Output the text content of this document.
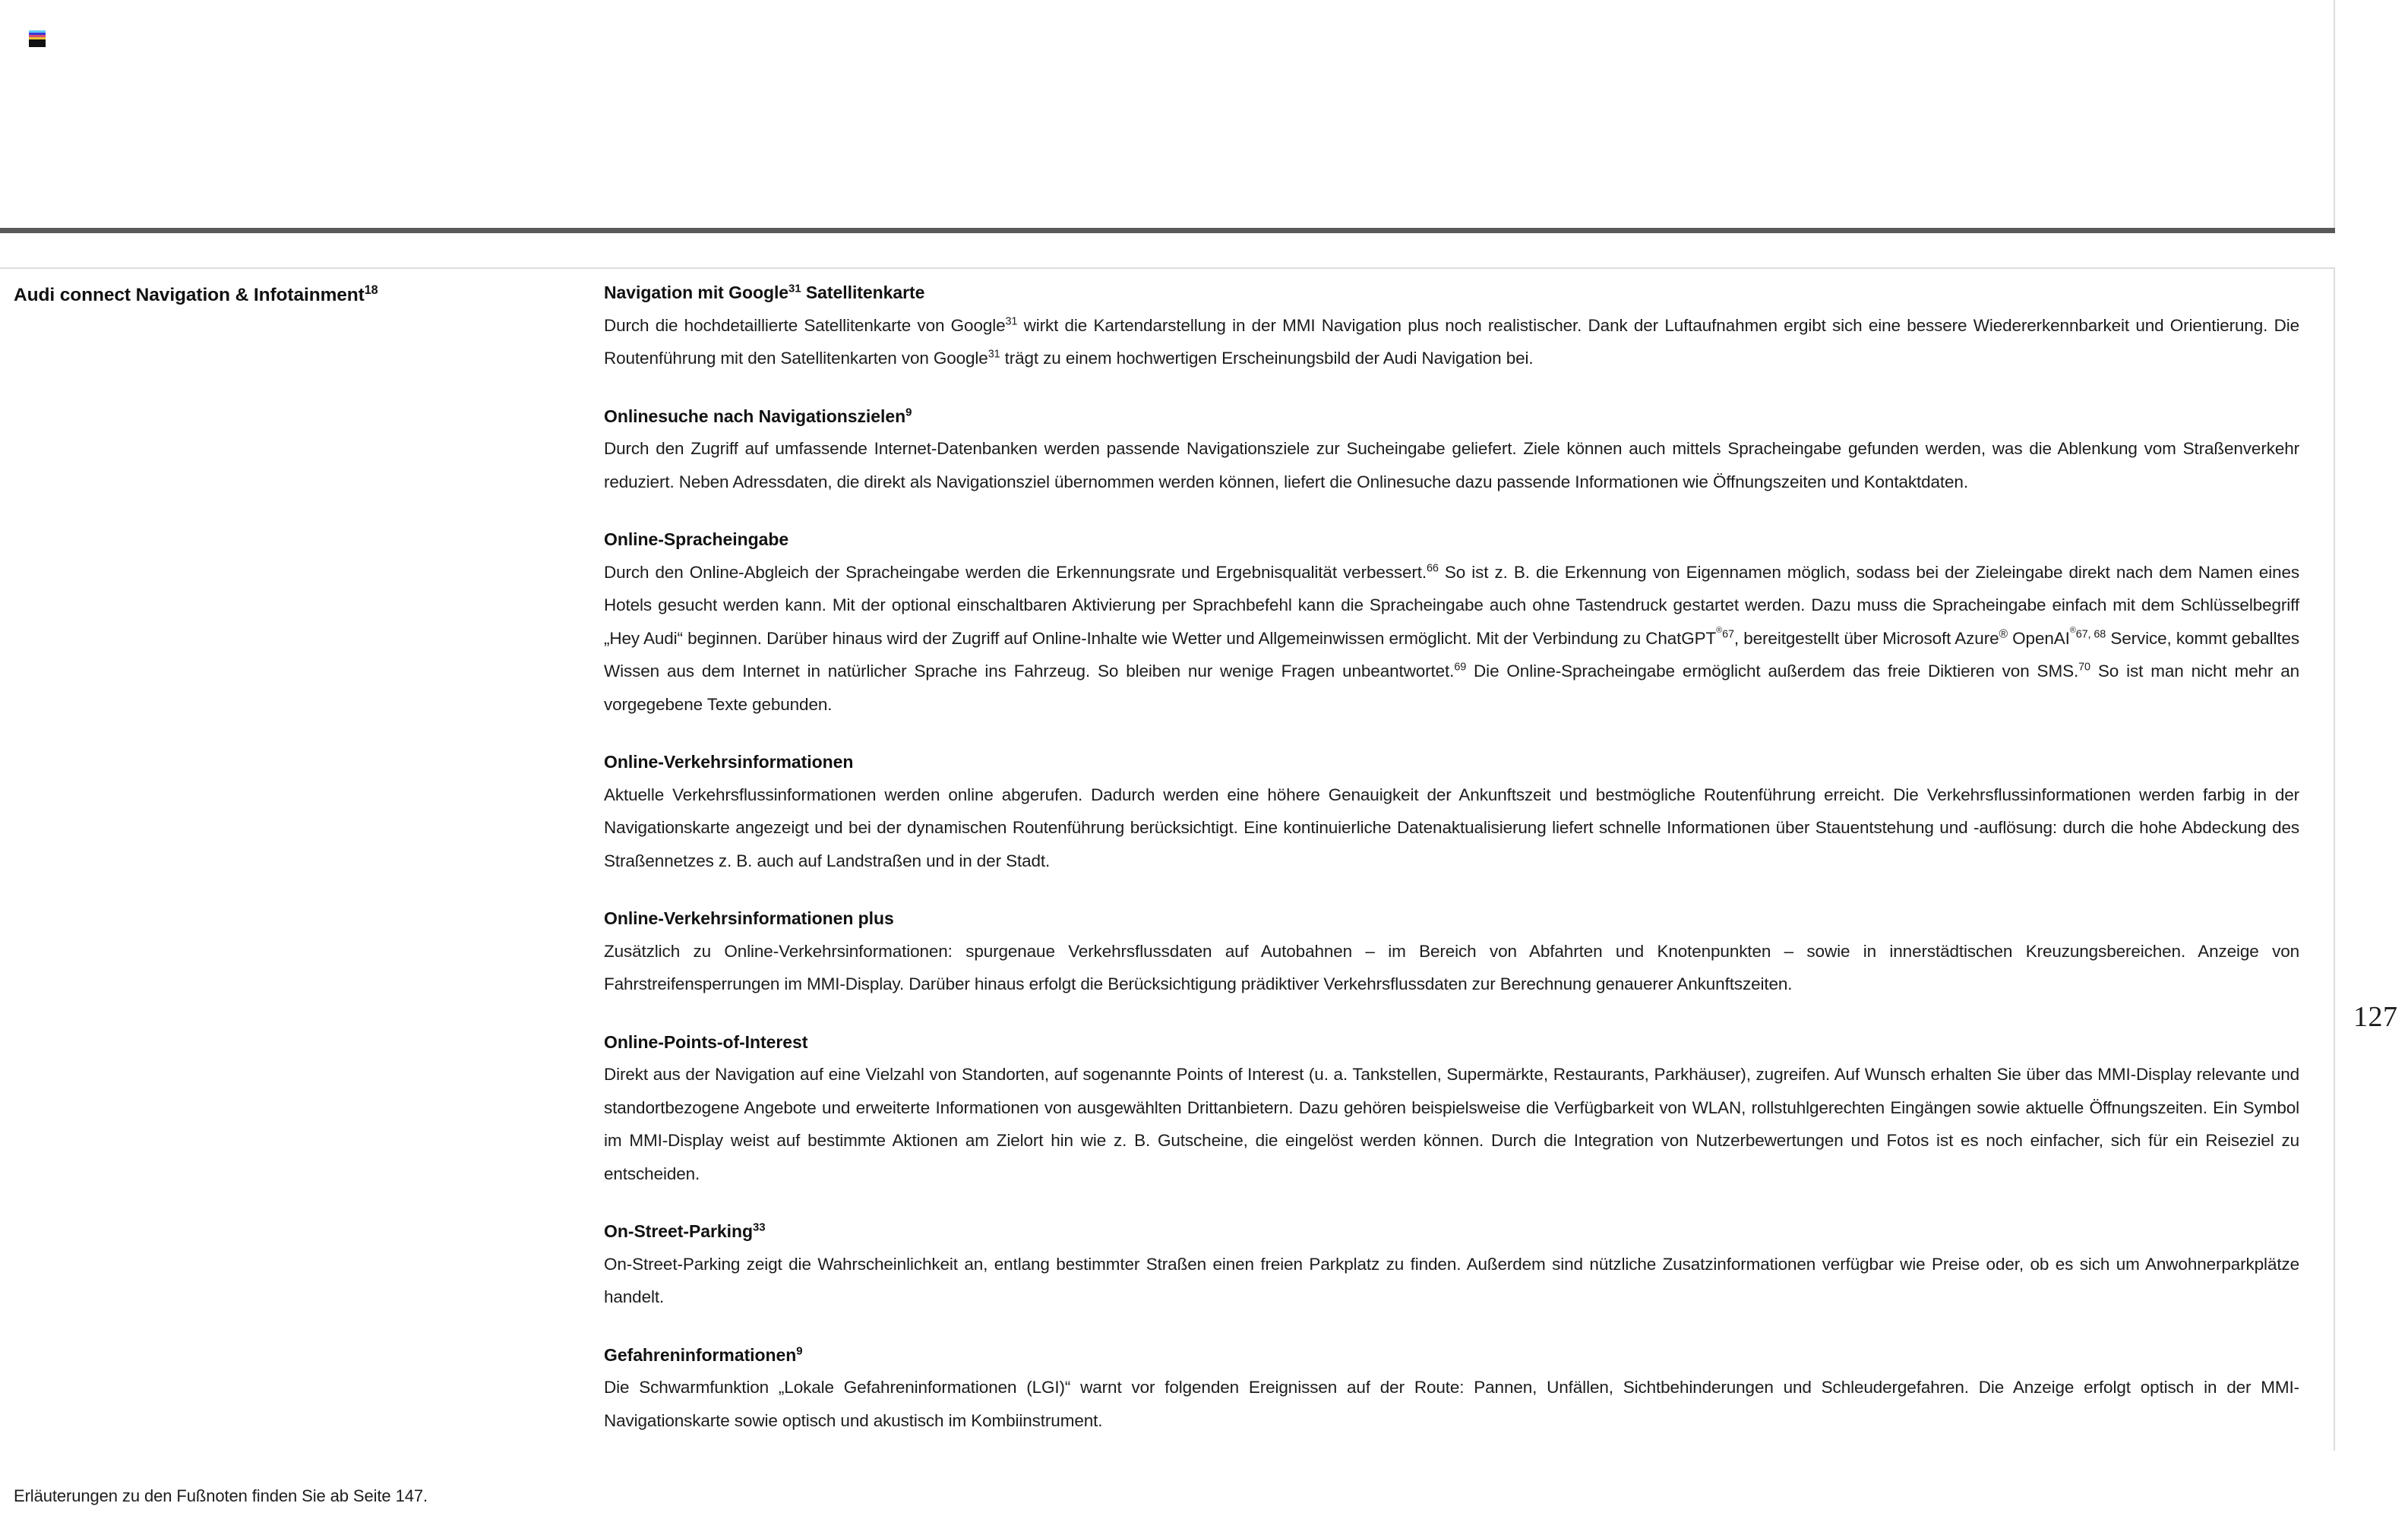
Audi connect Navigation & Infotainment$^{18}$	Navigation mit Google$^{31}$ Satellitenkarte

Durch die hochdetaillierte Satellitenkarte von Google$^{31}$ wirkt die Kartendarstellung in der MMI Navigation plus noch realistischer. Dank der Luftaufnahmen ergibt sich eine bessere Wiedererkennbarkeit und Orientierung. Die Routenführung mit den Satellitenkarten von Google$^{31}$ trägt zu einem hochwertigen Erscheinungsbild der Audi Navigation bei.

Onlinesuche nach Navigationszielen$^9$

Durch den Zugriff auf umfassende Internet-Datenbanken werden passende Navigationsziele zur Sucheingabe geliefert. Ziele können auch mittels Spracheingabe gefunden werden, was die Ablenkung vom Straßenverkehr reduziert. Neben Adressdaten, die direkt als Navigationsziel übernommen werden können, liefert die Onlinesuche dazu passende Informationen wie Öffnungszeiten und Kontaktdaten.

Online-Spracheingabe

Durch den Online-Abgleich der Spracheingabe werden die Erkennungsrate und Ergebnisqualität verbessert.$^{66}$ So ist z. B. die Erkennung von Eigennamen möglich, sodass bei der Zieleingabe direkt nach dem Namen eines Hotels gesucht werden kann. Mit der optional einschaltbaren Aktivierung per Sprachbefehl kann die Spracheingabe auch ohne Tastendruck gestartet werden. Dazu muss die Spracheingabe einfach mit dem Schlüsselbegriff „Hey Audi“ beginnen. Darüber hinaus wird der Zugriff auf Online-Inhalte wie Wetter und Allgemeinwissen ermöglicht. Mit der Verbindung zu ChatGPT$^{^®67}$, bereitgestellt über Microsoft Azure® OpenAI$^{^®67, 68}$ Service, kommt geballtes Wissen aus dem Internet in natürlicher Sprache ins Fahrzeug. So bleiben nur wenige Fragen unbeantwortet.$^{69}$ Die Online-Spracheingabe ermöglicht außerdem das freie Diktieren von SMS.$^{70}$ So ist man nicht mehr an vorgegebene Texte gebunden.

Online-Verkehrsinformationen

Aktuelle Verkehrsflussinformationen werden online abgerufen. Dadurch werden eine höhere Genauigkeit der Ankunftszeit und bestmögliche Routenführung erreicht. Die Verkehrsflussinformationen werden farbig in der Navigationskarte angezeigt und bei der dynamischen Routenführung berücksichtigt. Eine kontinuierliche Datenaktualisierung liefert schnelle Informationen über Stauentstehung und -auflösung: durch die hohe Abdeckung des Straßennetzes z. B. auch auf Landstraßen und in der Stadt.

Online-Verkehrsinformationen plus

Zusätzlich zu Online-Verkehrsinformationen: spurgenaue Verkehrsflussdaten auf Autobahnen – im Bereich von Abfahrten und Knotenpunkten – sowie in innerstädtischen Kreuzungsbereichen. Anzeige von Fahrstreifensperrungen im MMI-Display. Darüber hinaus erfolgt die Berücksichtigung prädiktiver Verkehrsflussdaten zur Berechnung genauerer Ankunftszeiten.

Online-Points-of-Interest

Direkt aus der Navigation auf eine Vielzahl von Standorten, auf sogenannte Points of Interest (u. a. Tankstellen, Supermärkte, Restaurants, Parkhäuser), zugreifen. Auf Wunsch erhalten Sie über das MMI-Display relevante und standortbezogene Angebote und erweiterte Informationen von ausgewählten Drittanbietern. Dazu gehören beispielsweise die Verfügbarkeit von WLAN, rollstuhlgerechten Eingängen sowie aktuelle Öffnungszeiten. Ein Symbol im MMI-Display weist auf bestimmte Aktionen am Zielort hin wie z. B. Gutscheine, die eingelöst werden können. Durch die Integration von Nutzerbewertungen und Fotos ist es noch einfacher, sich für ein Reiseziel zu entscheiden.

On-Street-Parking$^{33}$

On-Street-Parking zeigt die Wahrscheinlichkeit an, entlang bestimmter Straßen einen freien Parkplatz zu finden. Außerdem sind nützliche Zusatzinformationen verfügbar wie Preise oder, ob es sich um Anwohnerparkplätze handelt.

Gefahreninformationen$^9$

Die Schwarmfunktion „Lokale Gefahreninformationen (LGI)“ warnt vor folgenden Ereignissen auf der Route: Pannen, Unfällen, Sichtbehinderungen und Schleudergefahren. Die Anzeige erfolgt optisch in der MMI-Navigationskarte sowie optisch und akustisch im Kombiinstrument.

127
Erläuterungen zu den Fußnoten finden Sie ab Seite 147.
